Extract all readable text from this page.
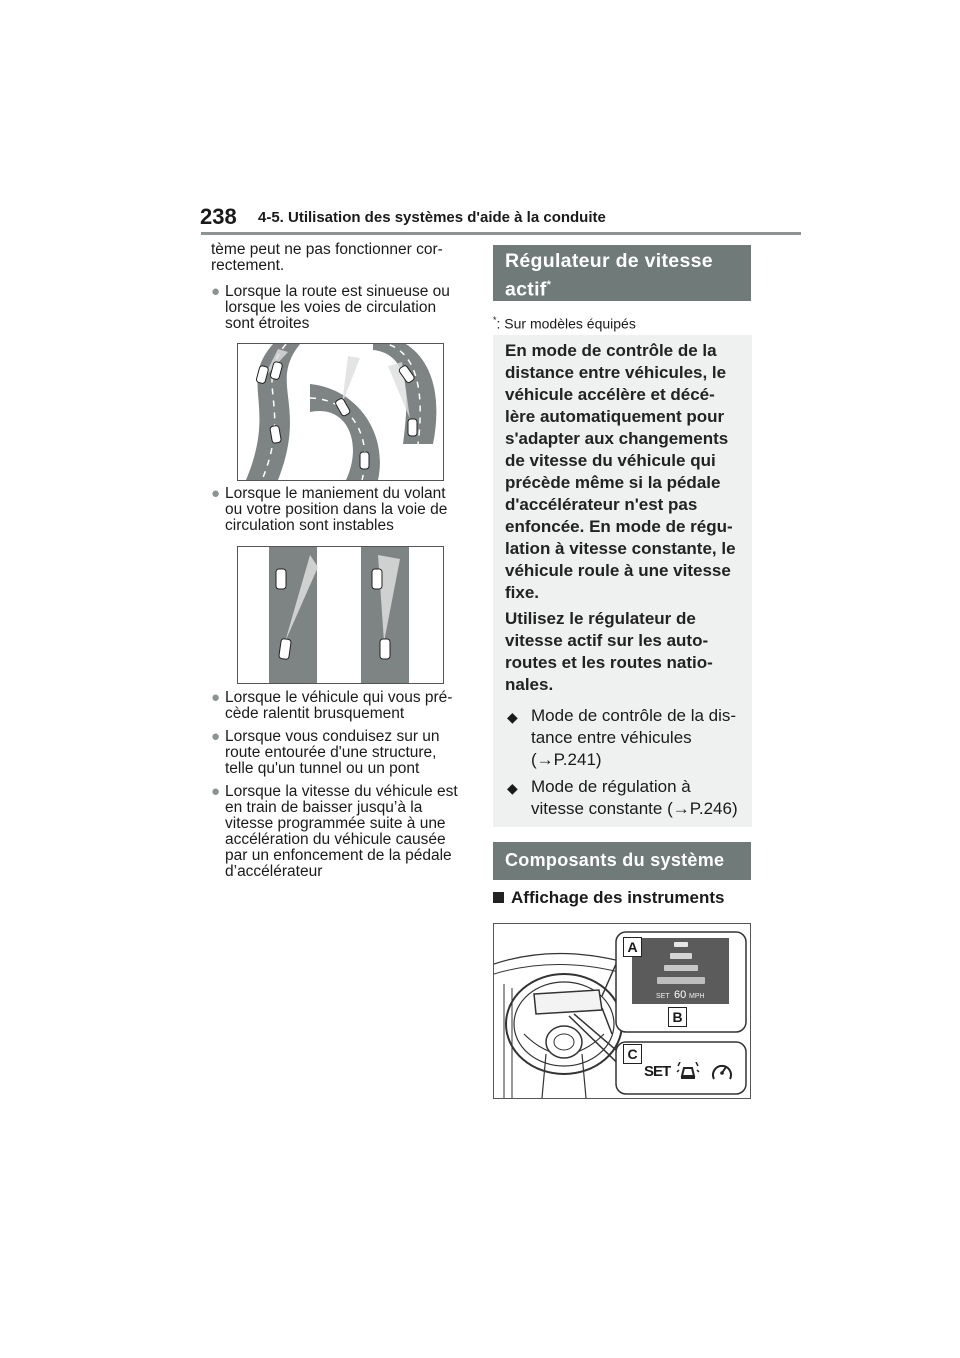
238 4-5. Utilisation des systèmes d'aide à la conduite
tème peut ne pas fonctionner cor-
rectement.
● Lorsque la route est sinueuse ou
lorsque les voies de circulation
sont étroites
● Lorsque le maniement du volant
ou votre position dans la voie de
circulation sont instables
● Lorsque le véhicule qui vous pré-
cède ralentit brusquement
● Lorsque vous conduisez sur un
route entourée d'une structure,
telle qu'un tunnel ou un pont
● Lorsque la vitesse du véhicule est
en train de baisser jusqu’à la
vitesse programmée suite à une
accélération du véhicule causée
par un enfoncement de la pédale
d’accélérateur
Régulateur de vitesse
actif*
*: Sur modèles équipés
En mode de contrôle de la
distance entre véhicules, le
véhicule accélère et décé-
lère automatiquement pour
s'adapter aux changements
de vitesse du véhicule qui
précède même si la pédale
d'accélérateur n'est pas
enfoncée. En mode de régu-
lation à vitesse constante, le
véhicule roule à une vitesse
fixe.
Utilisez le régulateur de
vitesse actif sur les auto-
routes et les routes natio-
nales.
◆ Mode de contrôle de la dis-
tance entre véhicules
(→P.241)
◆ Mode de régulation à
vitesse constante (→P.246)
Composants du système
Affichage des instruments
SET 60 MPH
A
B
C
SET
